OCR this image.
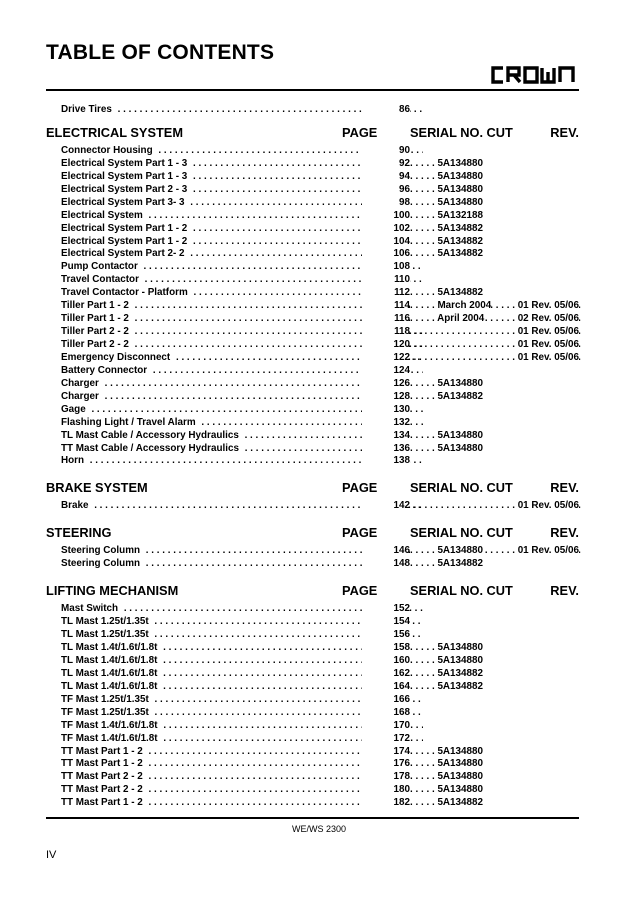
TABLE OF CONTENTS
Drive Tires . . .	86
ELECTRICAL SYSTEM	PAGE	SERIAL NO. CUT	REV.
Connector Housing . . .	90
Electrical System Part 1 - 3 . . .	92	. . . 5A134880
Electrical System Part 1 - 3 . . .	94	. . . 5A134880
Electrical System Part 2 - 3 . . .	96	. . . 5A134880
Electrical System Part 3- 3 . . .	98	. . . 5A134880
Electrical System . . .	100	. . . 5A132188
Electrical System Part 1 - 2 . . .	102	. . . 5A134882
Electrical System Part 1 - 2 . . .	104	. . . 5A134882
Electrical System Part 2- 2 . . .	106	. . . 5A134882
Pump Contactor . . .	108
Travel Contactor . . .	110
Travel Contactor - Platform . . .	112	. . . 5A134882
Tiller Part 1 - 2 . . .	114 . . .	. . . March 2004	01 Rev. 05/06
Tiller Part 1 - 2 . . .	116 . . .	. . . April 2004	02 Rev. 05/06
Tiller Part 2 - 2 . . .	118 . . .	01 Rev. 05/06
Tiller Part 2 - 2 . . .	120 . . .	01 Rev. 05/06
Emergency Disconnect . . .	122 . . .	01 Rev. 05/06
Battery Connector . . .	124
Charger . . .	126	. . . 5A134880
Charger . . .	128	. . . 5A134882
Gage . . .	130
Flashing Light / Travel Alarm . . .	132
TL Mast Cable / Accessory Hydraulics . . .	134	. . . 5A134880
TT Mast Cable / Accessory Hydraulics . . .	136	. . . 5A134880
Horn . . .	138
BRAKE SYSTEM	PAGE	SERIAL NO. CUT	REV.
Brake . . .	142 . . .	01 Rev. 05/06
STEERING	PAGE	SERIAL NO. CUT	REV.
Steering Column . . .	146 . . .	. . . 5A134880	01 Rev. 05/06
Steering Column . . .	148	. . . 5A134882
LIFTING MECHANISM	PAGE	SERIAL NO. CUT	REV.
Mast Switch . . .	152
TL Mast 1.25t/1.35t . . .	154
TL Mast 1.25t/1.35t . . .	156
TL Mast 1.4t/1.6t/1.8t . . .	158	. . . 5A134880
TL Mast 1.4t/1.6t/1.8t . . .	160	. . . 5A134880
TL Mast 1.4t/1.6t/1.8t . . .	162	. . . 5A134882
TL Mast 1.4t/1.6t/1.8t . . .	164	. . . 5A134882
TF Mast 1.25t/1.35t . . .	166
TF Mast 1.25t/1.35t . . .	168
TF Mast 1.4t/1.6t/1.8t . . .	170
TF Mast 1.4t/1.6t/1.8t . . .	172
TT Mast Part 1 - 2 . . .	174	. . . 5A134880
TT Mast Part 1 - 2 . . .	176	. . . 5A134880
TT Mast Part 2 - 2 . . .	178	. . . 5A134880
TT Mast Part 2 - 2 . . .	180	. . . 5A134880
TT Mast Part 1 - 2 . . .	182	. . . 5A134882
WE/WS 2300
IV
